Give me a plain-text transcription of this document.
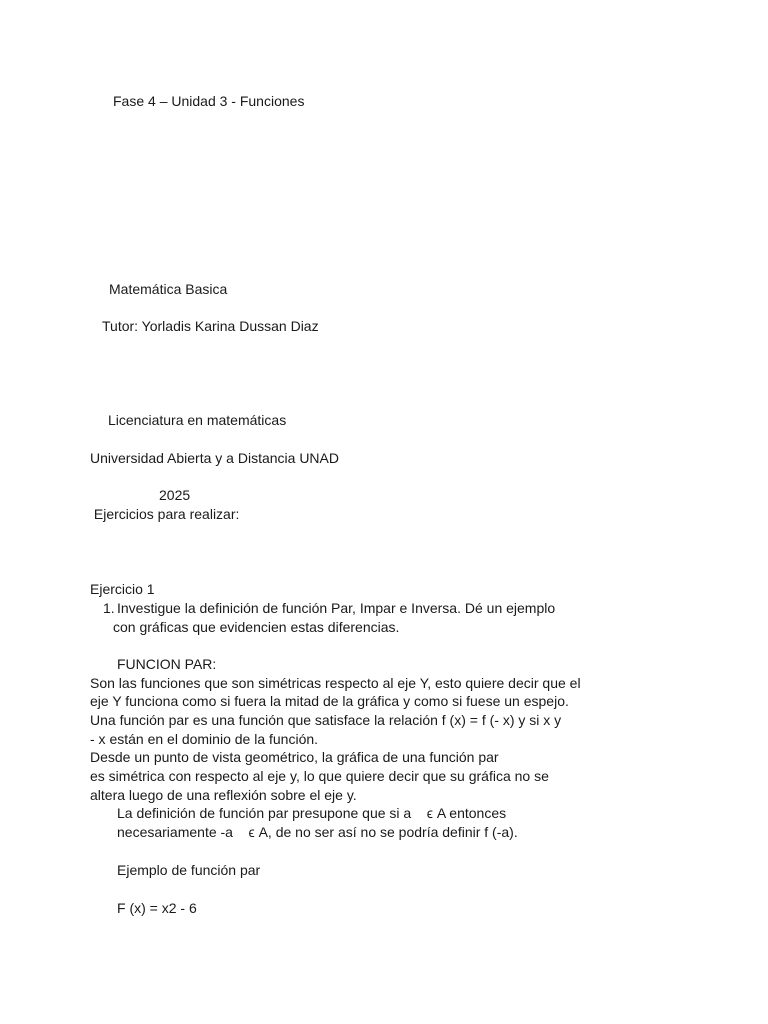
Fase 4 – Unidad 3 - Funciones
Matemática Basica
Tutor: Yorladis Karina Dussan Diaz
Licenciatura en matemáticas
Universidad Abierta y a Distancia UNAD
2025
Ejercicios para realizar:
Ejercicio 1
1. Investigue la definición de función Par, Impar e Inversa. Dé un ejemplo
con gráficas que evidencien estas diferencias.
FUNCION PAR:
Son las funciones que son simétricas respecto al eje Y, esto quiere decir que el
eje Y funciona como si fuera la mitad de la gráfica y como si fuese un espejo.
Una función par es una función que satisface la relación f (x) = f (- x) y si x y
- x están en el dominio de la función.
Desde un punto de vista geométrico, la gráfica de una función par
es simétrica con respecto al eje y, lo que quiere decir que su gráfica no se
altera luego de una reflexión sobre el eje y.
La definición de función par presupone que si a    ϵ A entonces
necesariamente -a    ϵ A, de no ser así no se podría definir f (-a).
Ejemplo de función par
F (x) = x2 - 6
